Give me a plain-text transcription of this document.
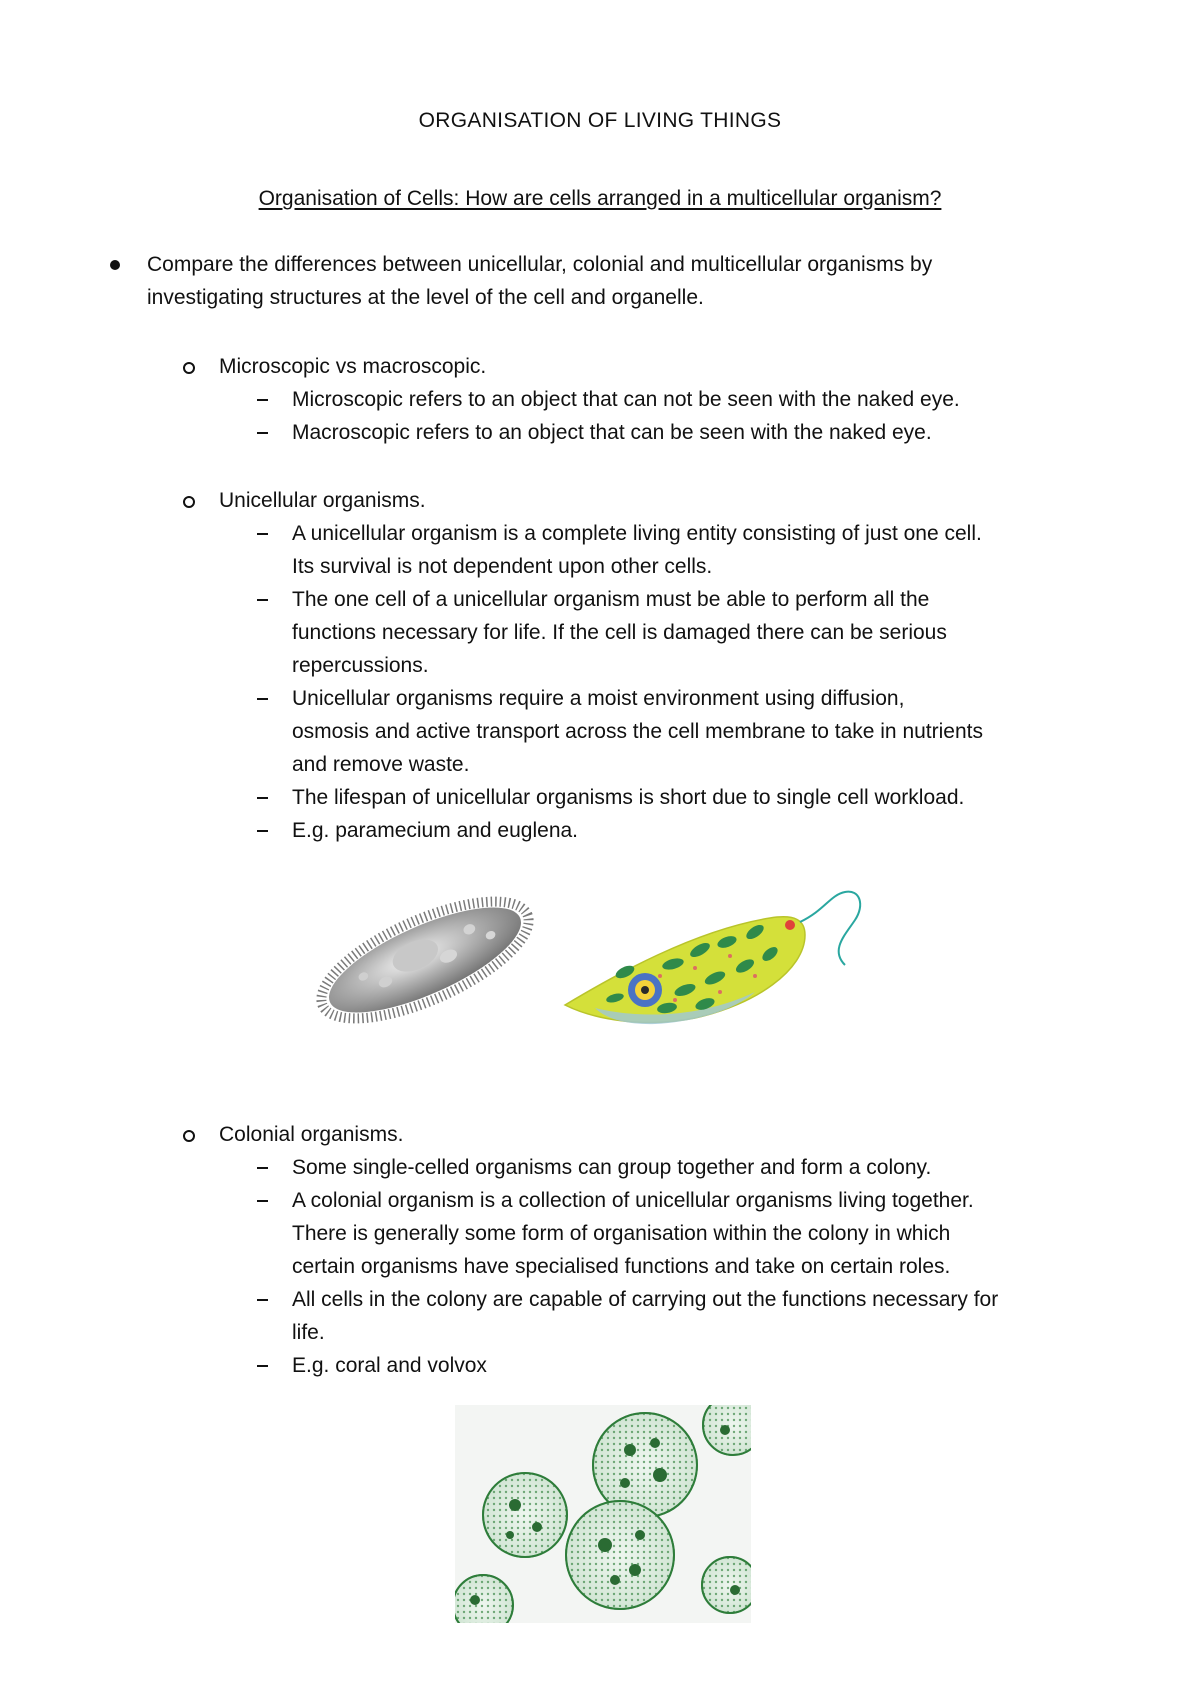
ORGANISATION OF LIVING THINGS
Organisation of Cells: How are cells arranged in a multicellular organism?
Compare the differences between unicellular, colonial and multicellular organisms by
investigating structures at the level of the cell and organelle.
Microscopic vs macroscopic.
Microscopic refers to an object that can not be seen with the naked eye.
Macroscopic refers to an object that can be seen with the naked eye.
Unicellular organisms.
A unicellular organism is a complete living entity consisting of just one cell.
Its survival is not dependent upon other cells.
The one cell of a unicellular organism must be able to perform all the
functions necessary for life. If the cell is damaged there can be serious
repercussions.
Unicellular organisms require a moist environment using diffusion,
osmosis and active transport across the cell membrane to take in nutrients
and remove waste.
The lifespan of unicellular organisms is short due to single cell workload.
E.g. paramecium and euglena.
Colonial organisms.
Some single-celled organisms can group together and form a colony.
A colonial organism is a collection of unicellular organisms living together.
There is generally some form of organisation within the colony in which
certain organisms have specialised functions and take on certain roles.
All cells in the colony are capable of carrying out the functions necessary for
life.
E.g. coral and volvox
